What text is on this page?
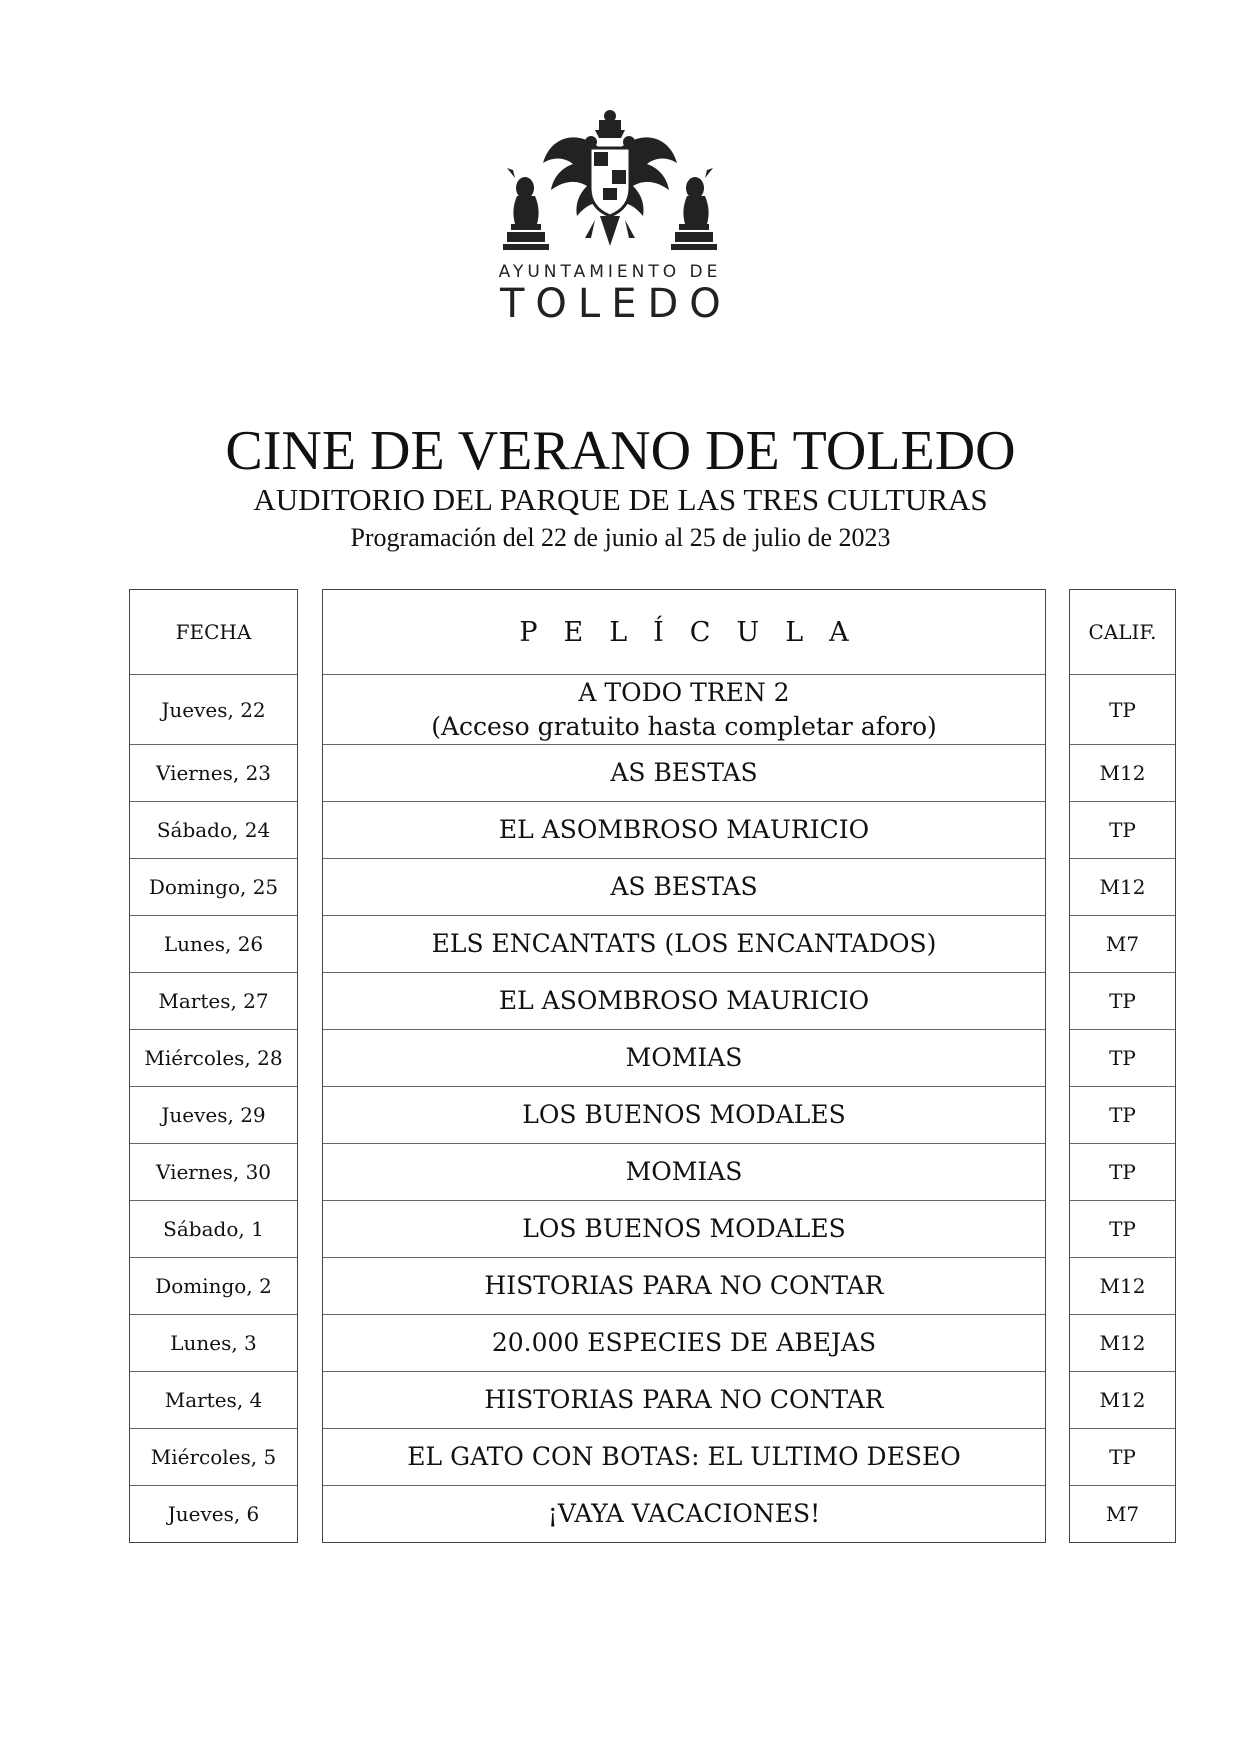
AYUNTAMIENTO DE
TOLEDO
CINE DE VERANO DE TOLEDO
AUDITORIO DEL PARQUE DE LAS TRES CULTURAS
Programación del 22 de junio al 25 de julio de 2023
FECHA
Jueves, 22
Viernes, 23
Sábado, 24
Domingo, 25
Lunes, 26
Martes, 27
Miércoles, 28
Jueves, 29
Viernes, 30
Sábado, 1
Domingo, 2
Lunes, 3
Martes, 4
Miércoles, 5
Jueves, 6
PELÍCULA
A TODO TREN 2
(Acceso gratuito hasta completar aforo)
AS BESTAS
EL ASOMBROSO MAURICIO
AS BESTAS
ELS ENCANTATS (LOS ENCANTADOS)
EL ASOMBROSO MAURICIO
MOMIAS
LOS BUENOS MODALES
MOMIAS
LOS BUENOS MODALES
HISTORIAS PARA NO CONTAR
20.000 ESPECIES DE ABEJAS
HISTORIAS PARA NO CONTAR
EL GATO CON BOTAS: EL ULTIMO DESEO
¡VAYA VACACIONES!
CALIF.
TP
M12
TP
M12
M7
TP
TP
TP
TP
TP
M12
M12
M12
TP
M7
